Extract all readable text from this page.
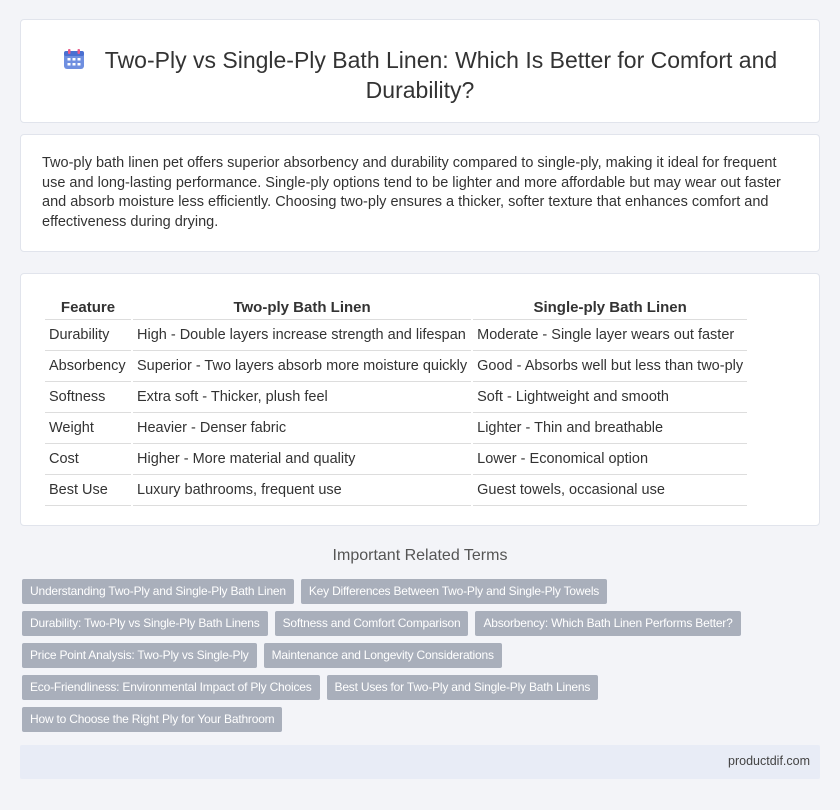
Two-Ply vs Single-Ply Bath Linen: Which Is Better for Comfort and Durability?

Two-ply bath linen pet offers superior absorbency and durability compared to single-ply, making it ideal for frequent use and long-lasting performance. Single-ply options tend to be lighter and more affordable but may wear out faster and absorb moisture less efficiently. Choosing two-ply ensures a thicker, softer texture that enhances comfort and effectiveness during drying.

Feature	Two-ply Bath Linen	Single-ply Bath Linen
Durability	High - Double layers increase strength and lifespan	Moderate - Single layer wears out faster
Absorbency	Superior - Two layers absorb more moisture quickly	Good - Absorbs well but less than two-ply
Softness	Extra soft - Thicker, plush feel	Soft - Lightweight and smooth
Weight	Heavier - Denser fabric	Lighter - Thin and breathable
Cost	Higher - More material and quality	Lower - Economical option
Best Use	Luxury bathrooms, frequent use	Guest towels, occasional use
Important Related Terms
Understanding Two-Ply and Single-Ply Bath Linen Key Differences Between Two-Ply and Single-Ply Towels
Durability: Two-Ply vs Single-Ply Bath Linens Softness and Comfort Comparison Absorbency: Which Bath Linen Performs Better?
Price Point Analysis: Two-Ply vs Single-Ply Maintenance and Longevity Considerations
Eco-Friendliness: Environmental Impact of Ply Choices Best Uses for Two-Ply and Single-Ply Bath Linens
How to Choose the Right Ply for Your Bathroom
productdif.com
